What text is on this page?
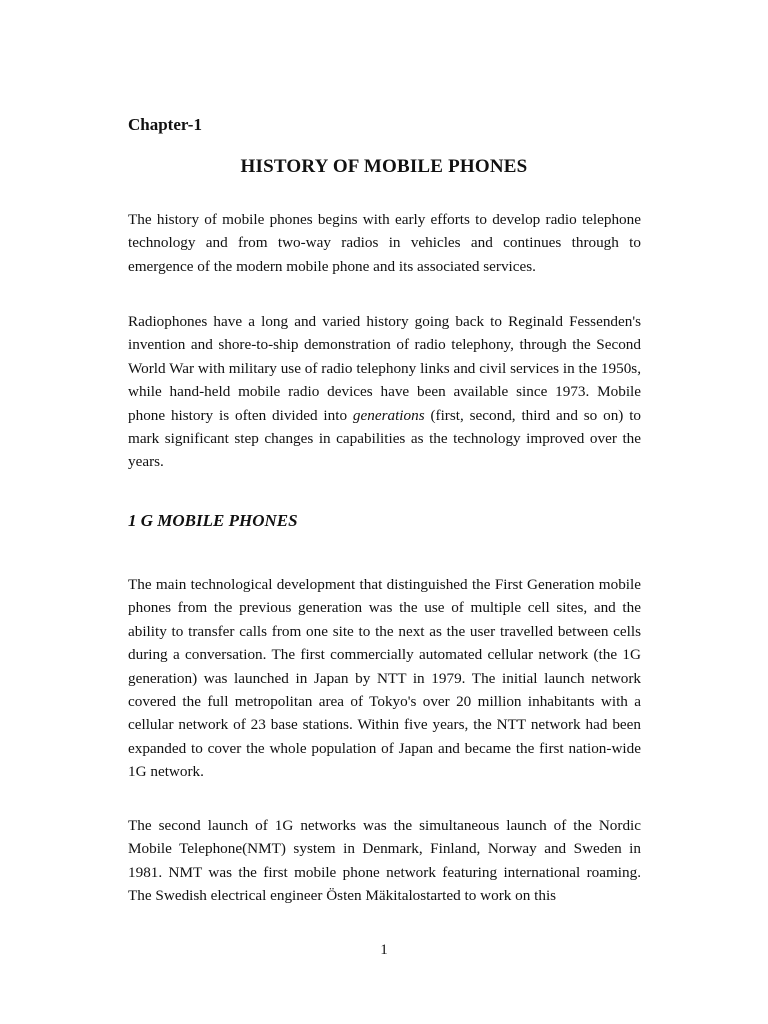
Chapter-1

HISTORY OF MOBILE PHONES

The history of mobile phones begins with early efforts to develop radio telephone technology and from two-way radios in vehicles and continues through to emergence of the modern mobile phone and its associated services.

Radiophones have a long and varied history going back to Reginald Fessenden's invention and shore-to-ship demonstration of radio telephony, through the Second World War with military use of radio telephony links and civil services in the 1950s, while hand-held mobile radio devices have been available since 1973. Mobile phone history is often divided into generations (first, second, third and so on) to mark significant step changes in capabilities as the technology improved over the years.

1 G MOBILE PHONES

The main technological development that distinguished the First Generation mobile phones from the previous generation was the use of multiple cell sites, and the ability to transfer calls from one site to the next as the user travelled between cells during a conversation. The first commercially automated cellular network (the 1G generation) was launched in Japan by NTT in 1979. The initial launch network covered the full metropolitan area of Tokyo's over 20 million inhabitants with a cellular network of 23 base stations. Within five years, the NTT network had been expanded to cover the whole population of Japan and became the first nation-wide 1G network.

The second launch of 1G networks was the simultaneous launch of the Nordic Mobile Telephone(NMT) system in Denmark, Finland, Norway and Sweden in 1981. NMT was the first mobile phone network featuring international roaming. The Swedish electrical engineer Östen Mäkitalostarted to work on this

1
